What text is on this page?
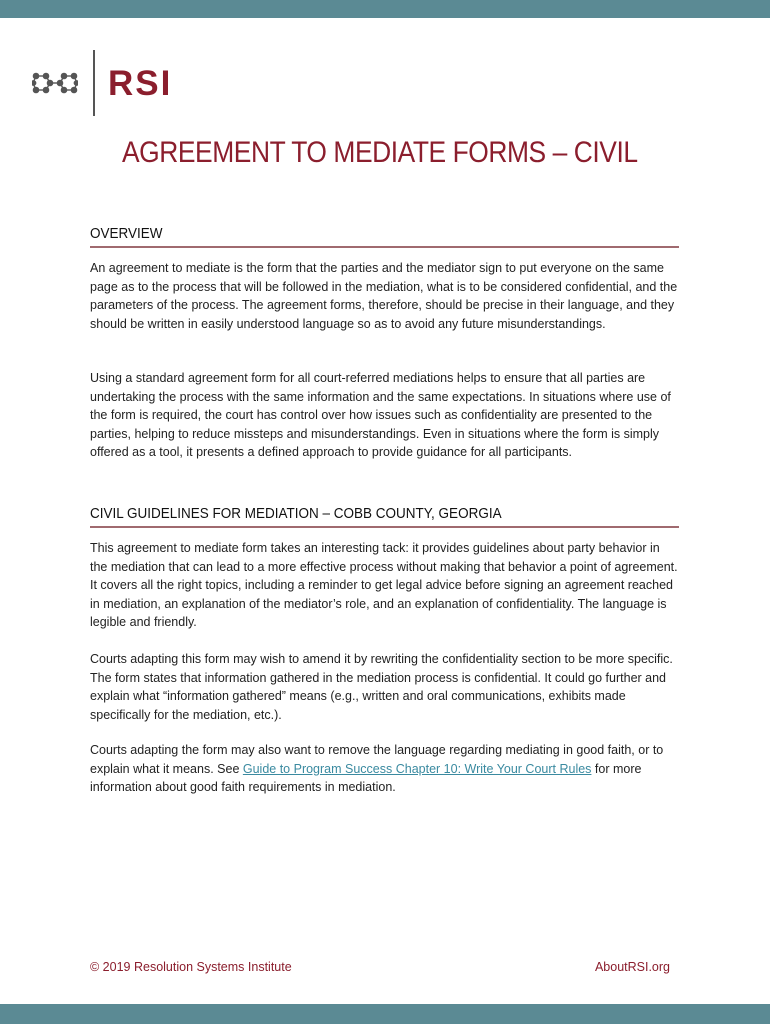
RSI
AGREEMENT TO MEDIATE FORMS – CIVIL
OVERVIEW

An agreement to mediate is the form that the parties and the mediator sign to put everyone on the same page as to the process that will be followed in the mediation, what is to be considered confidential, and the parameters of the process. The agreement forms, therefore, should be precise in their language, and they should be written in easily understood language so as to avoid any future misunderstandings.

Using a standard agreement form for all court-referred mediations helps to ensure that all parties are undertaking the process with the same information and the same expectations. In situations where use of the form is required, the court has control over how issues such as confidentiality are presented to the parties, helping to reduce missteps and misunderstandings. Even in situations where the form is simply offered as a tool, it presents a defined approach to provide guidance for all participants.

CIVIL GUIDELINES FOR MEDIATION – COBB COUNTY, GEORGIA

This agreement to mediate form takes an interesting tack: it provides guidelines about party behavior in the mediation that can lead to a more effective process without making that behavior a point of agreement. It covers all the right topics, including a reminder to get legal advice before signing an agreement reached in mediation, an explanation of the mediator’s role, and an explanation of confidentiality. The language is legible and friendly.

Courts adapting this form may wish to amend it by rewriting the confidentiality section to be more specific. The form states that information gathered in the mediation process is confidential. It could go further and explain what “information gathered” means (e.g., written and oral communications, exhibits made specifically for the mediation, etc.).

Courts adapting the form may also want to remove the language regarding mediating in good faith, or to explain what it means. See Guide to Program Success Chapter 10: Write Your Court Rules for more information about good faith requirements in mediation.

© 2019 Resolution Systems Institute	AboutRSI.org
